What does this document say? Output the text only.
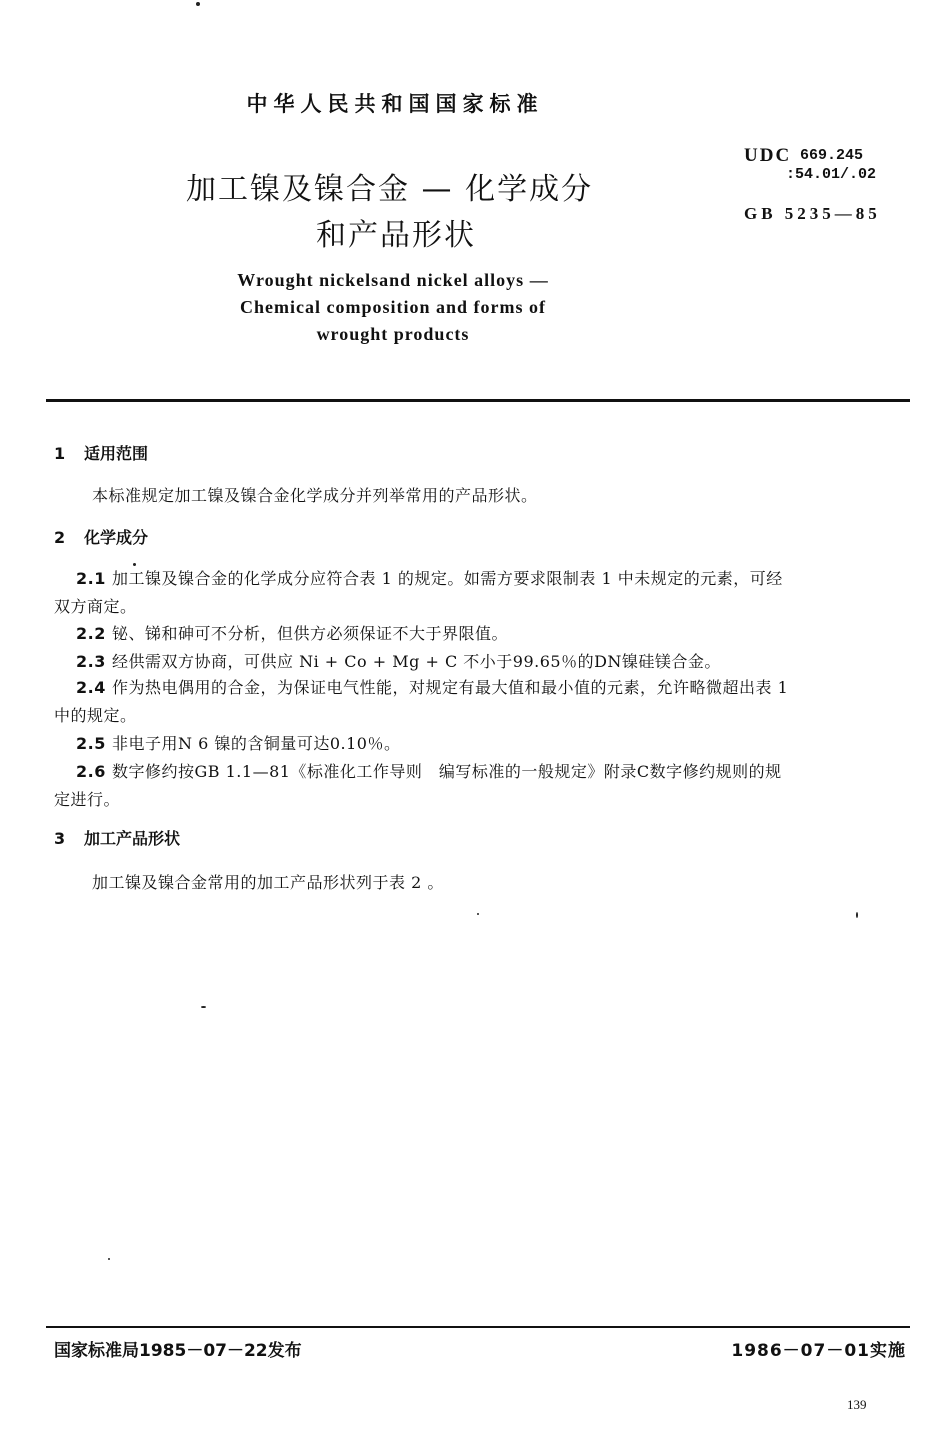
中华人民共和国国家标准
加工镍及镍合金 — 化学成分
和产品形状
UDC 669.245
:54.01/.02
GB 5235—85
Wrought nickelsand nickel alloys —
Chemical composition and forms of
wrought products
1 适用范围
本标准规定加工镍及镍合金化学成分并列举常用的产品形状。
2 化学成分
2.1 加工镍及镍合金的化学成分应符合表 1 的规定。如需方要求限制表 1 中未规定的元素，可经
双方商定。
2.2 铋、锑和砷可不分析，但供方必须保证不大于界限值。
2.3 经供需双方协商，可供应 Ni + Co + Mg + C 不小于99.65％的DN镍硅镁合金。
2.4 作为热电偶用的合金，为保证电气性能，对规定有最大值和最小值的元素，允许略微超出表 1
中的规定。
2.5 非电子用N 6 镍的含铜量可达0.10％。
2.6 数字修约按GB 1.1—81《标准化工作导则　编写标准的一般规定》附录C数字修约规则的规
定进行。
3 加工产品形状
加工镍及镍合金常用的加工产品形状列于表 2 。
国家标准局1985－07－22发布	1986－07－01实施
139
